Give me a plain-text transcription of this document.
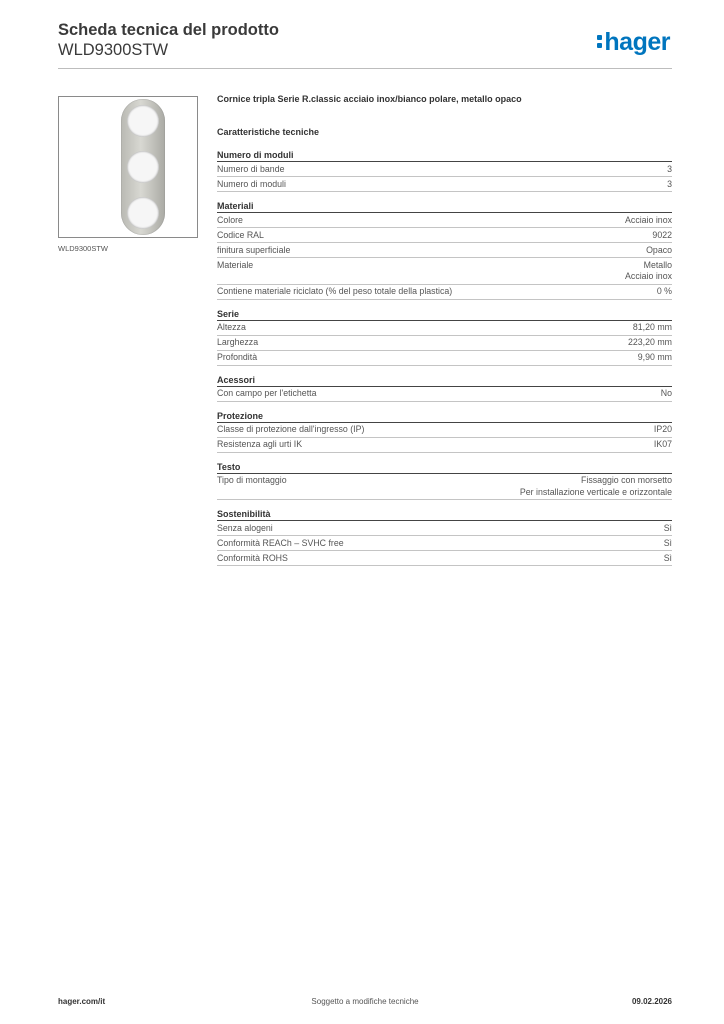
Scheda tecnica del prodotto
WLD9300STW	hager
WLD9300STW
Cornice tripla Serie R.classic acciaio inox/bianco polare, metallo opaco
Caratteristiche tecniche
Numero di moduli
Numero di bande	3
Numero di moduli	3
Materiali
Colore	Acciaio inox
Codice RAL	9022
finitura superficiale	Opaco
Materiale	Metallo
Acciaio inox
Contiene materiale riciclato (% del peso totale della plastica)	0 %
Serie
Altezza	81,20 mm
Larghezza	223,20 mm
Profondità	9,90 mm
Acessori
Con campo per l'etichetta	No
Protezione
Classe di protezione dall'ingresso (IP)	IP20
Resistenza agli urti IK	IK07
Testo
Tipo di montaggio	Fissaggio con morsetto
Per installazione verticale e orizzontale
Sostenibilità
Senza alogeni	Sì
Conformità REACh – SVHC free	Sì
Conformità ROHS	Sì
hager.com/it	Soggetto a modifiche tecniche	09.02.2026
